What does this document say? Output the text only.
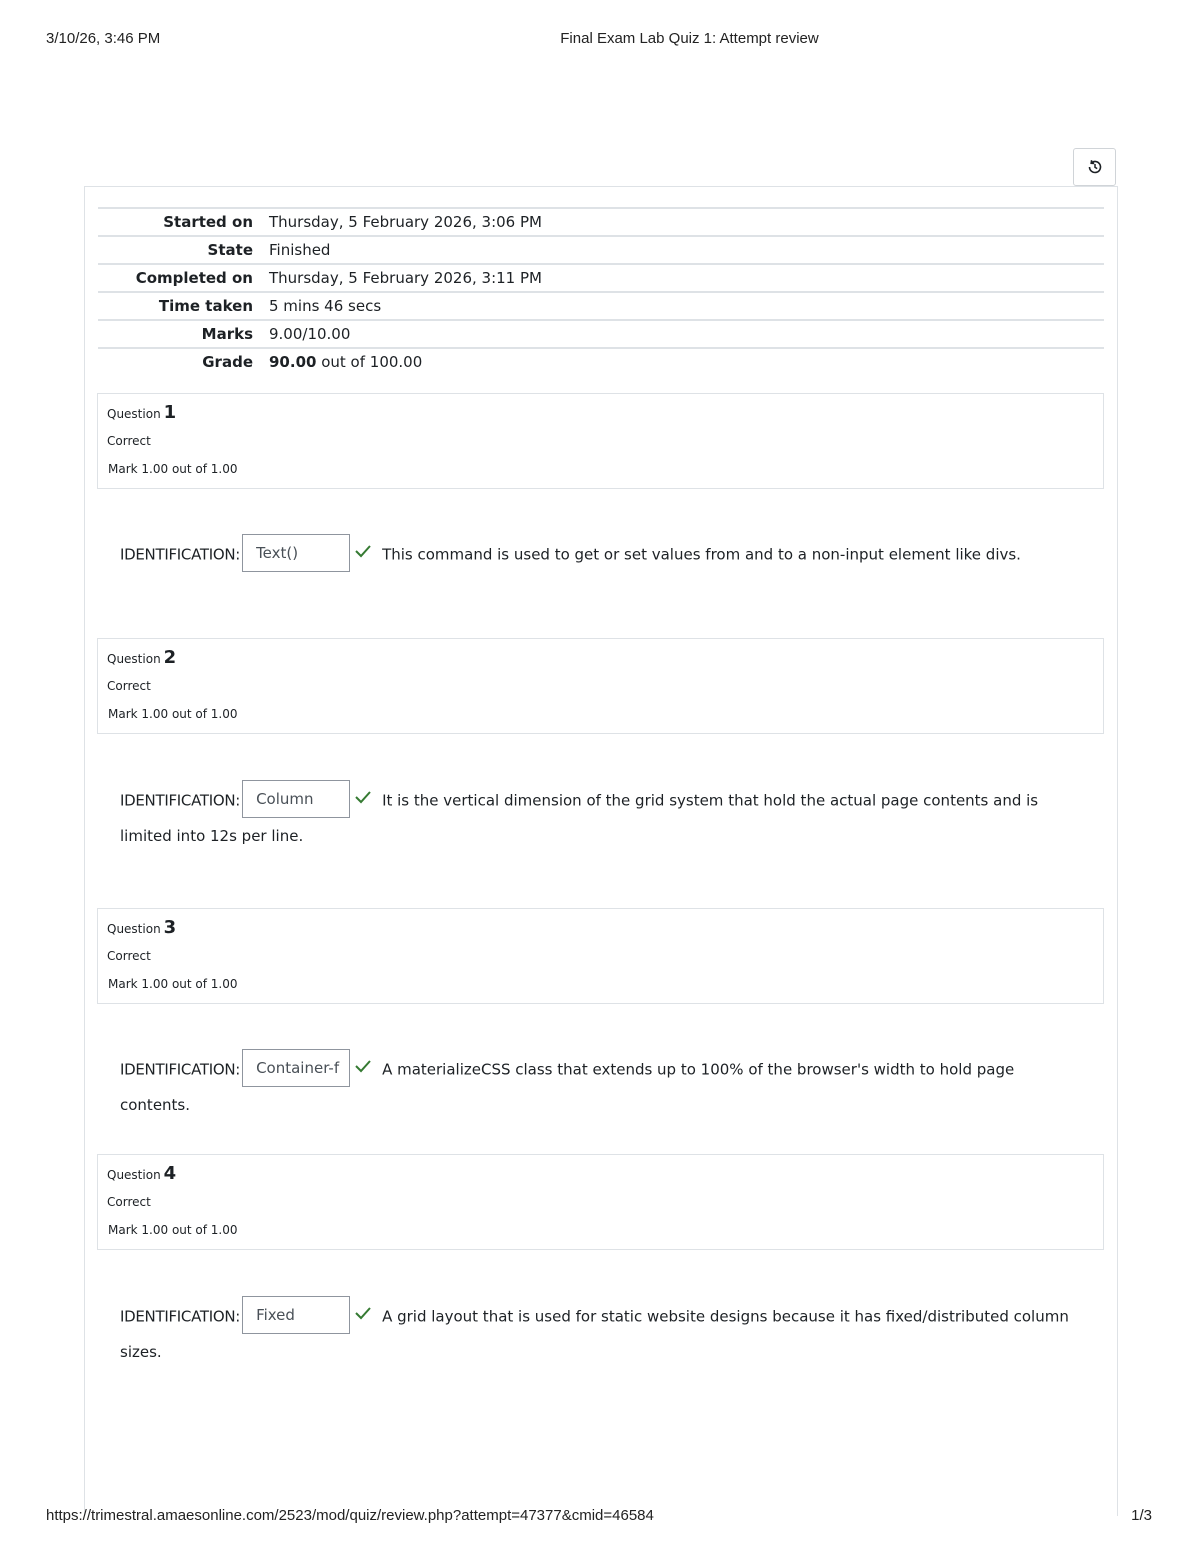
3/10/26, 3:46 PM	Final Exam Lab Quiz 1: Attempt review
Started on	Thursday, 5 February 2026, 3:06 PM
State	Finished
Completed on	Thursday, 5 February 2026, 3:11 PM
Time taken	5 mins 46 secs
Marks	9.00/10.00
Grade	90.00 out of 100.00
Question 1
Correct
Mark 1.00 out of 1.00
IDENTIFICATION: Text()	This command is used to get or set values from and to a non-input element like divs.
Question 2
Correct
Mark 1.00 out of 1.00
IDENTIFICATION: Column	It is the vertical dimension of the grid system that hold the actual page contents and is limited into 12s per line.
Question 3
Correct
Mark 1.00 out of 1.00
IDENTIFICATION: Container-f	A materializeCSS class that extends up to 100% of the browser's width to hold page contents.
Question 4
Correct
Mark 1.00 out of 1.00
IDENTIFICATION: Fixed	A grid layout that is used for static website designs because it has fixed/distributed column sizes.
https://trimestral.amaesonline.com/2523/mod/quiz/review.php?attempt=47377&cmid=46584	1/3
